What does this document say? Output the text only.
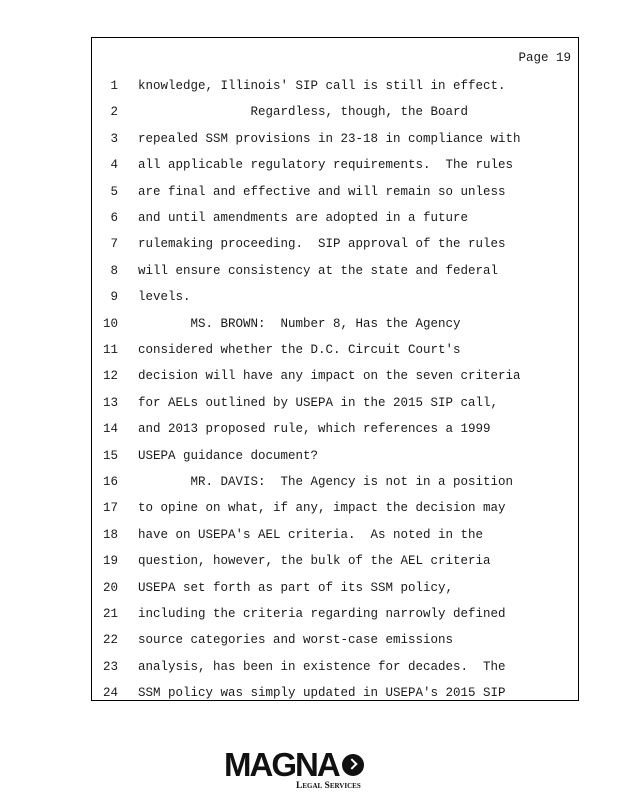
Page 19
1 knowledge, Illinois' SIP call is still in effect.
2 Regardless, though, the Board
3 repealed SSM provisions in 23-18 in compliance with
4 all applicable regulatory requirements.  The rules
5 are final and effective and will remain so unless
6 and until amendments are adopted in a future
7 rulemaking proceeding.  SIP approval of the rules
8 will ensure consistency at the state and federal
9 levels.
10 MS. BROWN:  Number 8, Has the Agency
11 considered whether the D.C. Circuit Court's
12 decision will have any impact on the seven criteria
13 for AELs outlined by USEPA in the 2015 SIP call,
14 and 2013 proposed rule, which references a 1999
15 USEPA guidance document?
16 MR. DAVIS:  The Agency is not in a position
17 to opine on what, if any, impact the decision may
18 have on USEPA's AEL criteria.  As noted in the
19 question, however, the bulk of the AEL criteria
20 USEPA set forth as part of its SSM policy,
21 including the criteria regarding narrowly defined
22 source categories and worst-case emissions
23 analysis, has been in existence for decades.  The
24 SSM policy was simply updated in USEPA's 2015 SIP
MAGNA
Legal Services
